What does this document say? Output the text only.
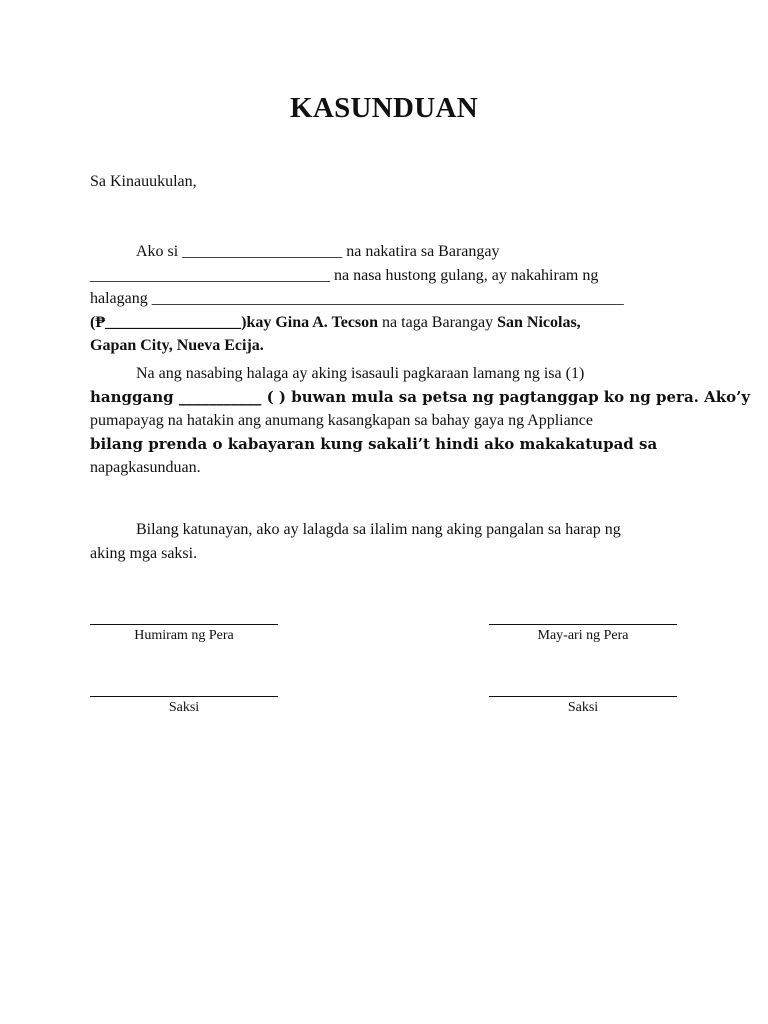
KASUNDUAN
Sa Kinauukulan,
Ako si ____________________ na nakatira sa Barangay
______________________________ na nasa hustong gulang, ay nakahiram ng
halagang ___________________________________________________________
(₱_________________)kay Gina A. Tecson na taga Barangay San Nicolas,
Gapan City, Nueva Ecija.
Na ang nasabing halaga ay aking isasauli pagkaraan lamang ng isa (1)
hanggang ___________ ( ) buwan mula sa petsa ng pagtanggap ko ng pera. Ako’y
pumapayag na hatakin ang anumang kasangkapan sa bahay gaya ng Appliance
bilang prenda o kabayaran kung sakali’t hindi ako makakatupad sa
napagkasunduan.
Bilang katunayan, ako ay lalagda sa ilalim nang aking pangalan sa harap ng
aking mga saksi.
Humiram ng Pera	May-ari ng Pera
Saksi	Saksi
